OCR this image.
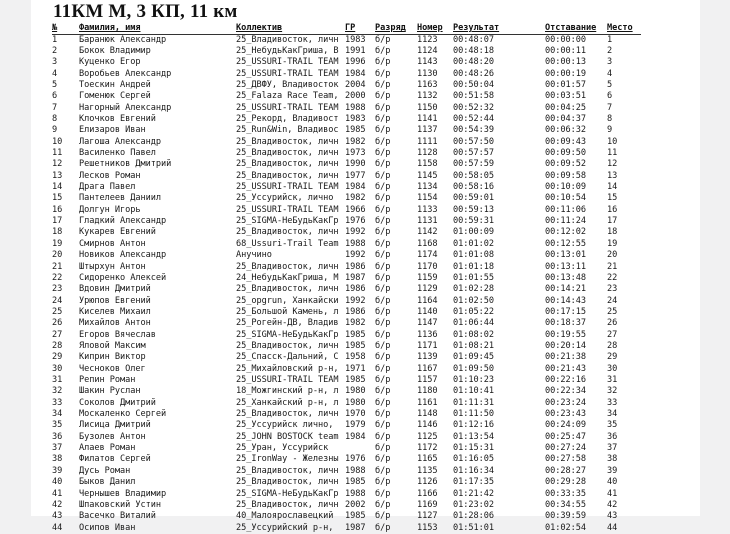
11КМ М, 3 КП, 11 км
№	Фамилия, имя	Коллектив	ГР Разряд Номер Результат	Отставание Место
1	Баранюк Александр	25_Владивосток, личн 1983 б/р	1123 00:48:07	00:00:00 1
2	Бокок Владимир	25_НебудьКакГриша, В 1991 б/р	1124 00:48:18	00:00:11 2
3	Куценко Егор	25_USSURI-TRAIL TEAM 1996 б/р	1143 00:48:20	00:00:13 3
4	Воробьев Александр	25_USSURI-TRAIL TEAM 1984 б/р	1130 00:48:26	00:00:19 4
5	Тоескин Андрей	25_ДВФУ, Владивосток 2004 б/р	1163 00:50:04	00:01:57 5
6	Гоменюк Сергей	25_Falaza Race Team, 2000 б/р	1132 00:51:58	00:03:51 6
7	Нагорный Александр	25_USSURI-TRAIL TEAM 1988 б/р	1150 00:52:32	00:04:25 7
8	Клочков Евгений	25_Рекорд, Владивост 1983 б/р	1141 00:52:44	00:04:37 8
9	Елизаров Иван	25_Run&Win, Владивос 1985 б/р	1137 00:54:39	00:06:32 9
10 Лагоша Александр	25_Владивосток, личн 1982 б/р	1111 00:57:50	00:09:43 10
11 Василенко Павел	25_Владивосток, личн 1973 б/р	1128 00:57:57	00:09:50 11
12 Решетников Дмитрий	25_Владивосток, личн 1990 б/р	1158 00:57:59	00:09:52 12
13 Лесков Роман	25_Владивосток, личн 1977 б/р	1145 00:58:05	00:09:58 13
14 Драга Павел	25_USSURI-TRAIL TEAM 1984 б/р	1134 00:58:16	00:10:09 14
15 Пантелеев Даниил	25_Уссурийск, лично	1982 б/р	1154 00:59:01	00:10:54 15
16 Долгун Игорь	25_USSURI-TRAIL TEAM 1966 б/р	1133 00:59:13	00:11:06 16
17 Гладкий Александр	25_SIGMA-НеБудьКакГр 1976 б/р	1131 00:59:31	00:11:24 17
18 Кукарев Евгений	25_Владивосток, личн 1992 б/р	1142 01:00:09	00:12:02 18
19 Смирнов Антон	68_Ussuri-Trail Team 1988 б/р	1168 01:01:02	00:12:55 19
20 Новиков Александр	Анучино	1992 б/р	1174 01:01:08	00:13:01 20
21 Штырхун Антон	25_Владивосток, личн 1986 б/р	1170 01:01:18	00:13:11 21
22 Сидоренко Алексей	24_НебудьКакГриша, М 1987 б/р	1159 01:01:55	00:13:48 22
23 Вдовин Дмитрий	25_Владивосток, личн 1986 б/р	1129 01:02:28	00:14:21 23
24 Урюпов Евгений	25_opgrun, Ханкайски 1992 б/р	1164 01:02:50	00:14:43 24
25 Киселев Михаил	25_Большой Камень, л 1986 б/р	1140 01:05:22	00:17:15 25
26 Михайлов Антон	25_Рогейн-ДВ, Владив 1982 б/р	1147 01:06:44	00:18:37 26
27 Егоров Вячеслав	25_SIGMA-НеБудьКакГр 1985 б/р	1136 01:08:02	00:19:55 27
28 Яловой Максим	25_Владивосток, личн 1985 б/р	1171 01:08:21	00:20:14 28
29 Киприн Виктор	25_Спасск-Дальний, С 1958 б/р	1139 01:09:45	00:21:38 29
30 Чесноков Олег	25_Михайловский р-н, 1971 б/р	1167 01:09:50	00:21:43 30
31 Репин Роман	25_USSURI-TRAIL TEAM 1985 б/р	1157 01:10:23	00:22:16 31
32 Шакин Руслан	18_Можгинский р-н, л 1980 б/р	1180 01:10:41	00:22:34 32
33 Соколов Дмитрий	25_Ханкайский р-н, л 1980 б/р	1161 01:11:31	00:23:24 33
34 Москаленко Сергей	25_Владивосток, личн 1970 б/р	1148 01:11:50	00:23:43 34
35 Лисица Дмитрий	25_Уссурийск лично,	1979 б/р	1146 01:12:16	00:24:09 35
36 Бузолев Антон	25_JOHN BOSTOCK team 1984 б/р	1125 01:13:54	00:25:47 36
37 Алаев Роман	25_Уран, Уссурийск	б/р	1172 01:15:31	00:27:24 37
38 Филатов Сергей	25_IronWay - Железны 1976 б/р	1165 01:16:05	00:27:58 38
39 Дусь Роман	25_Владивосток, личн 1988 б/р	1135 01:16:34	00:28:27 39
40 Быков Данил	25_Владивосток, личн 1985 б/р	1126 01:17:35	00:29:28 40
41 Чернышев Владимир	25_SIGMA-НеБудьКакГр 1988 б/р	1166 01:21:42	00:33:35 41
42 Шпаковский Устин	25_Владивосток, личн 2002 б/р	1169 01:23:02	00:34:55 42
43 Васечко Виталий	40_Малоярославецкий	1985 б/р	1127 01:28:06	00:39:59 43
44 Осипов Иван	25_Уссурийский р-н,	1987 б/р	1153 01:51:01	01:02:54 44
